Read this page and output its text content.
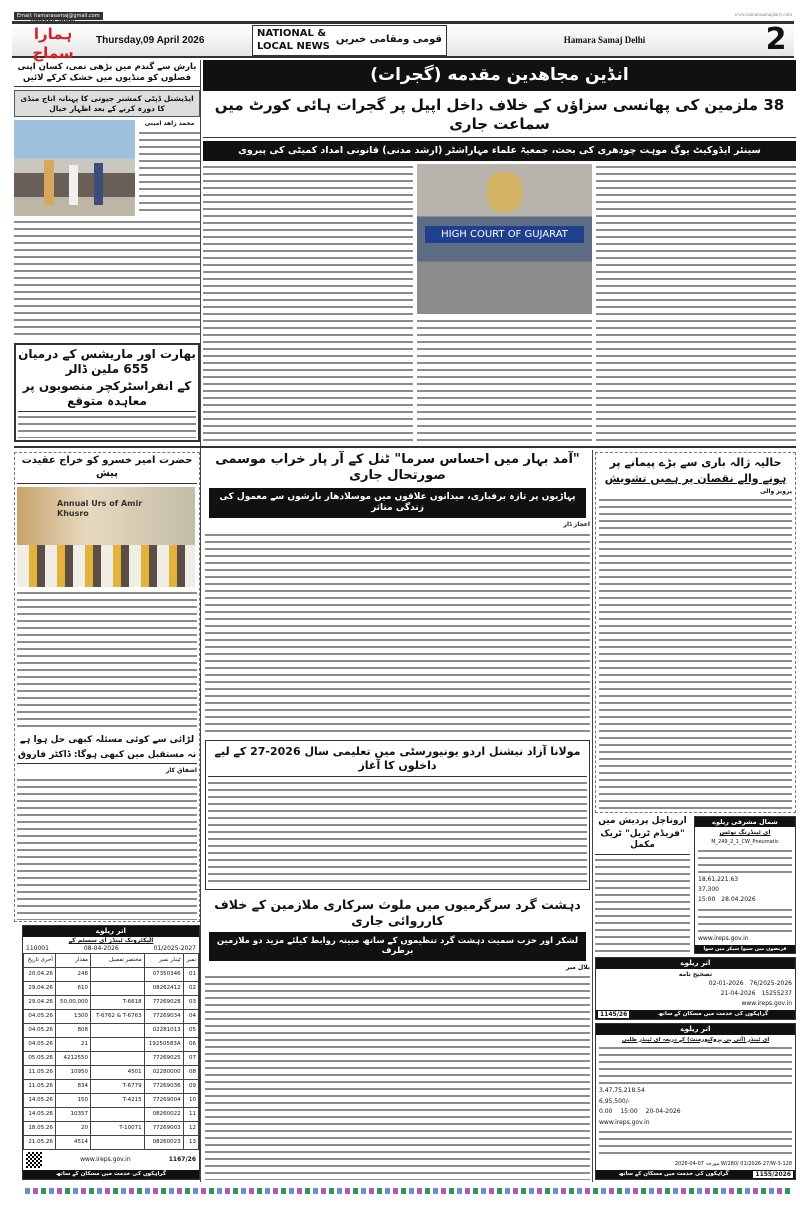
Email: hamarasamaj@gmail.com	www.hamarasamajdaily.com
HAMARA SAMAJ
ہمارا سماج
Thursday,09 April 2026
NATIONAL &
LOCAL NEWS
قومی ومقامی خبریں	Hamara Samaj Delhi	2
بارش سے گندم میں بڑھی نمی، کسان اپنی فصلوں کو منڈیوں میں خشک کرکے لائیں
ایڈیشنل ڈپٹی کمشنر جیوتی کا پہنانہ اناج منڈی کا دورہ کرنے کے بعد اظہار خیال
محمد زاهد امینی
بھارت اور ماریشس کے درمیان 655 ملین ڈالر
کے انفراسٹرکچر منصوبوں پر معاہدہ متوقع
انڈین مجاهدین مقدمه (گجرات)
38 ملزمین کی پھانسی سزاؤں کے خلاف داخل اپیل پر گجرات ہائی کورٹ میں سماعت جاری
سینئر ایڈوکیٹ یوگ موہت چودھری کی بحث، جمعیۃ علماء مہاراشٹر (ارشد مدنی) قانونی امداد کمیٹی کی پیروی
HIGH COURT OF GUJARAT
حضرت امیر خسرو کو خراج عقیدت پیش
Annual Urs of Amir Khusro
لڑائی سے کوئی مسئلہ کبھی حل ہوا ہے
نہ مستقبل میں کبھی ہوگا: ڈاکٹر فاروق
اشفاق کار
اتر ریلوے
الیکٹرونک ٹینڈر ای سسٹم کے
01/2025-2027
08-04-2026
110001
نمبر	ٹینڈر نمبر	مختصر تفصیل	مقدار	آخری تاریخ
01	07350346		248	20.04.26
02	08262412		610	29.04.26
03	77269028	T-6618	50,00,000	29.04.26
04	77269034	T-6762 & T-6763	1300	04.05.26
05	02281013		808	04.05.26
06	19250583A		21	04.05.26
07	77269025		4212550	05.05.26
08	02280000	4501	10950	11.05.26
09	77269036	T-6779	834	11.05.26
10	77269004	T-4215	150	14.05.26
11	08260022		10357	14.05.26
12	77269003	T-10071	20	18.05.26
13	08260023		4514	21.05.26
1167/26
www.ireps.gov.in
گراہکوں کی خدمت میں مسکان کے ساتھ
"آمد بہار میں احساس سرما" ٹنل کے آر پار خراب موسمی صورتحال جاری
پہاڑیوں پر تازہ برفباری، میدانوں علاقوں میں موسلادھار بارشوں سے معمول کی زندگی متاثر
اعجاز ڈار
مولانا آزاد نیشنل اردو یونیورسٹی میں تعلیمی سال 2026-27 کے لیے داخلوں کا آغاز
دہشت گرد سرگرمیوں میں ملوث سرکاری ملازمین کے خلاف کارروائی جاری
لشکر اور حزب سمیت دہشت گرد تنظیموں کے ساتھ مبینہ روابط کیلئے مزید دو ملازمین برطرف
بلال میر
حالیہ ژالہ باری سے بڑے پیمانے پر
ہونے والے نقصان پر ہمیں تشویش
پرویز والی
اروناچل پردیش میں
"فریڈم ٹریل" ٹریک مکمل
شمال مشرقی ریلوے
ای ٹینڈرنگ نوٹس
M_249_2_1_CW_Pneumatic
18,61,221.63
37,300
15:00 28.04.2026
www.ireps.gov.in
فریضوں میں سیوا سیکر میں سوا
اتر ریلوے
تصحیح نامه
76/2025-2026
02-01-2026
15255237
21-04-2026
www.ireps.gov.in
1145/26	گراہکوں کی خدمت میں مسکان کے ساتھ
اتر ریلوے
ای ٹینڈر (آئی پی پروکیورمنٹ) کے ذریعہ ای ٹینڈر طلبی
3,47,75,218.54
6,95,500/-
0.00 15:00 20-04-2026
www.ireps.gov.in
128-W/280/ 01/2026-27/W-3 مورخہ 07-04-2026
گراہکوں کی خدمت میں مسکان کے ساتھ	1155/2026
